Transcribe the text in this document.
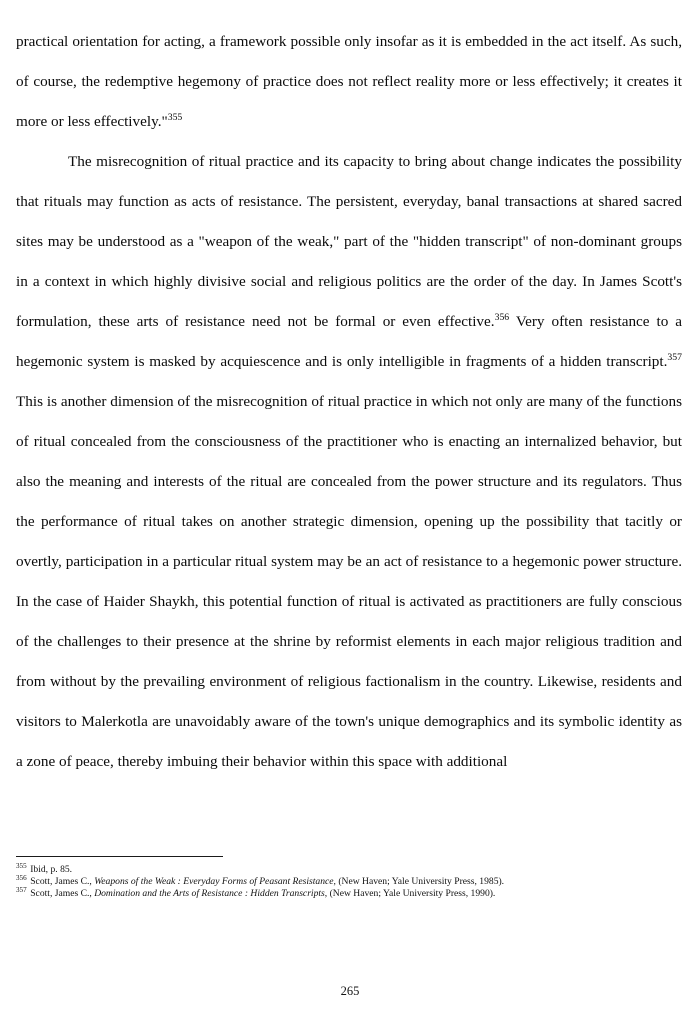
practical orientation for acting, a framework possible only insofar as it is embedded in the act itself. As such, of course, the redemptive hegemony of practice does not reflect reality more or less effectively; it creates it more or less effectively."$^{355}$

The misrecognition of ritual practice and its capacity to bring about change indicates the possibility that rituals may function as acts of resistance. The persistent, everyday, banal transactions at shared sacred sites may be understood as a "weapon of the weak," part of the "hidden transcript" of non-dominant groups in a context in which highly divisive social and religious politics are the order of the day. In James Scott's formulation, these arts of resistance need not be formal or even effective.$^{356}$ Very often resistance to a hegemonic system is masked by acquiescence and is only intelligible in fragments of a hidden transcript.$^{357}$ This is another dimension of the misrecognition of ritual practice in which not only are many of the functions of ritual concealed from the consciousness of the practitioner who is enacting an internalized behavior, but also the meaning and interests of the ritual are concealed from the power structure and its regulators. Thus the performance of ritual takes on another strategic dimension, opening up the possibility that tacitly or overtly, participation in a particular ritual system may be an act of resistance to a hegemonic power structure. In the case of Haider Shaykh, this potential function of ritual is activated as practitioners are fully conscious of the challenges to their presence at the shrine by reformist elements in each major religious tradition and from without by the prevailing environment of religious factionalism in the country. Likewise, residents and visitors to Malerkotla are unavoidably aware of the town's unique demographics and its symbolic identity as a zone of peace, thereby imbuing their behavior within this space with additional

$^{355}$ Ibid, p. 85.

$^{356}$ Scott, James C., Weapons of the Weak : Everyday Forms of Peasant Resistance, (New Haven; Yale University Press, 1985).

$^{357}$ Scott, James C., Domination and the Arts of Resistance : Hidden Transcripts, (New Haven; Yale University Press, 1990).

265
